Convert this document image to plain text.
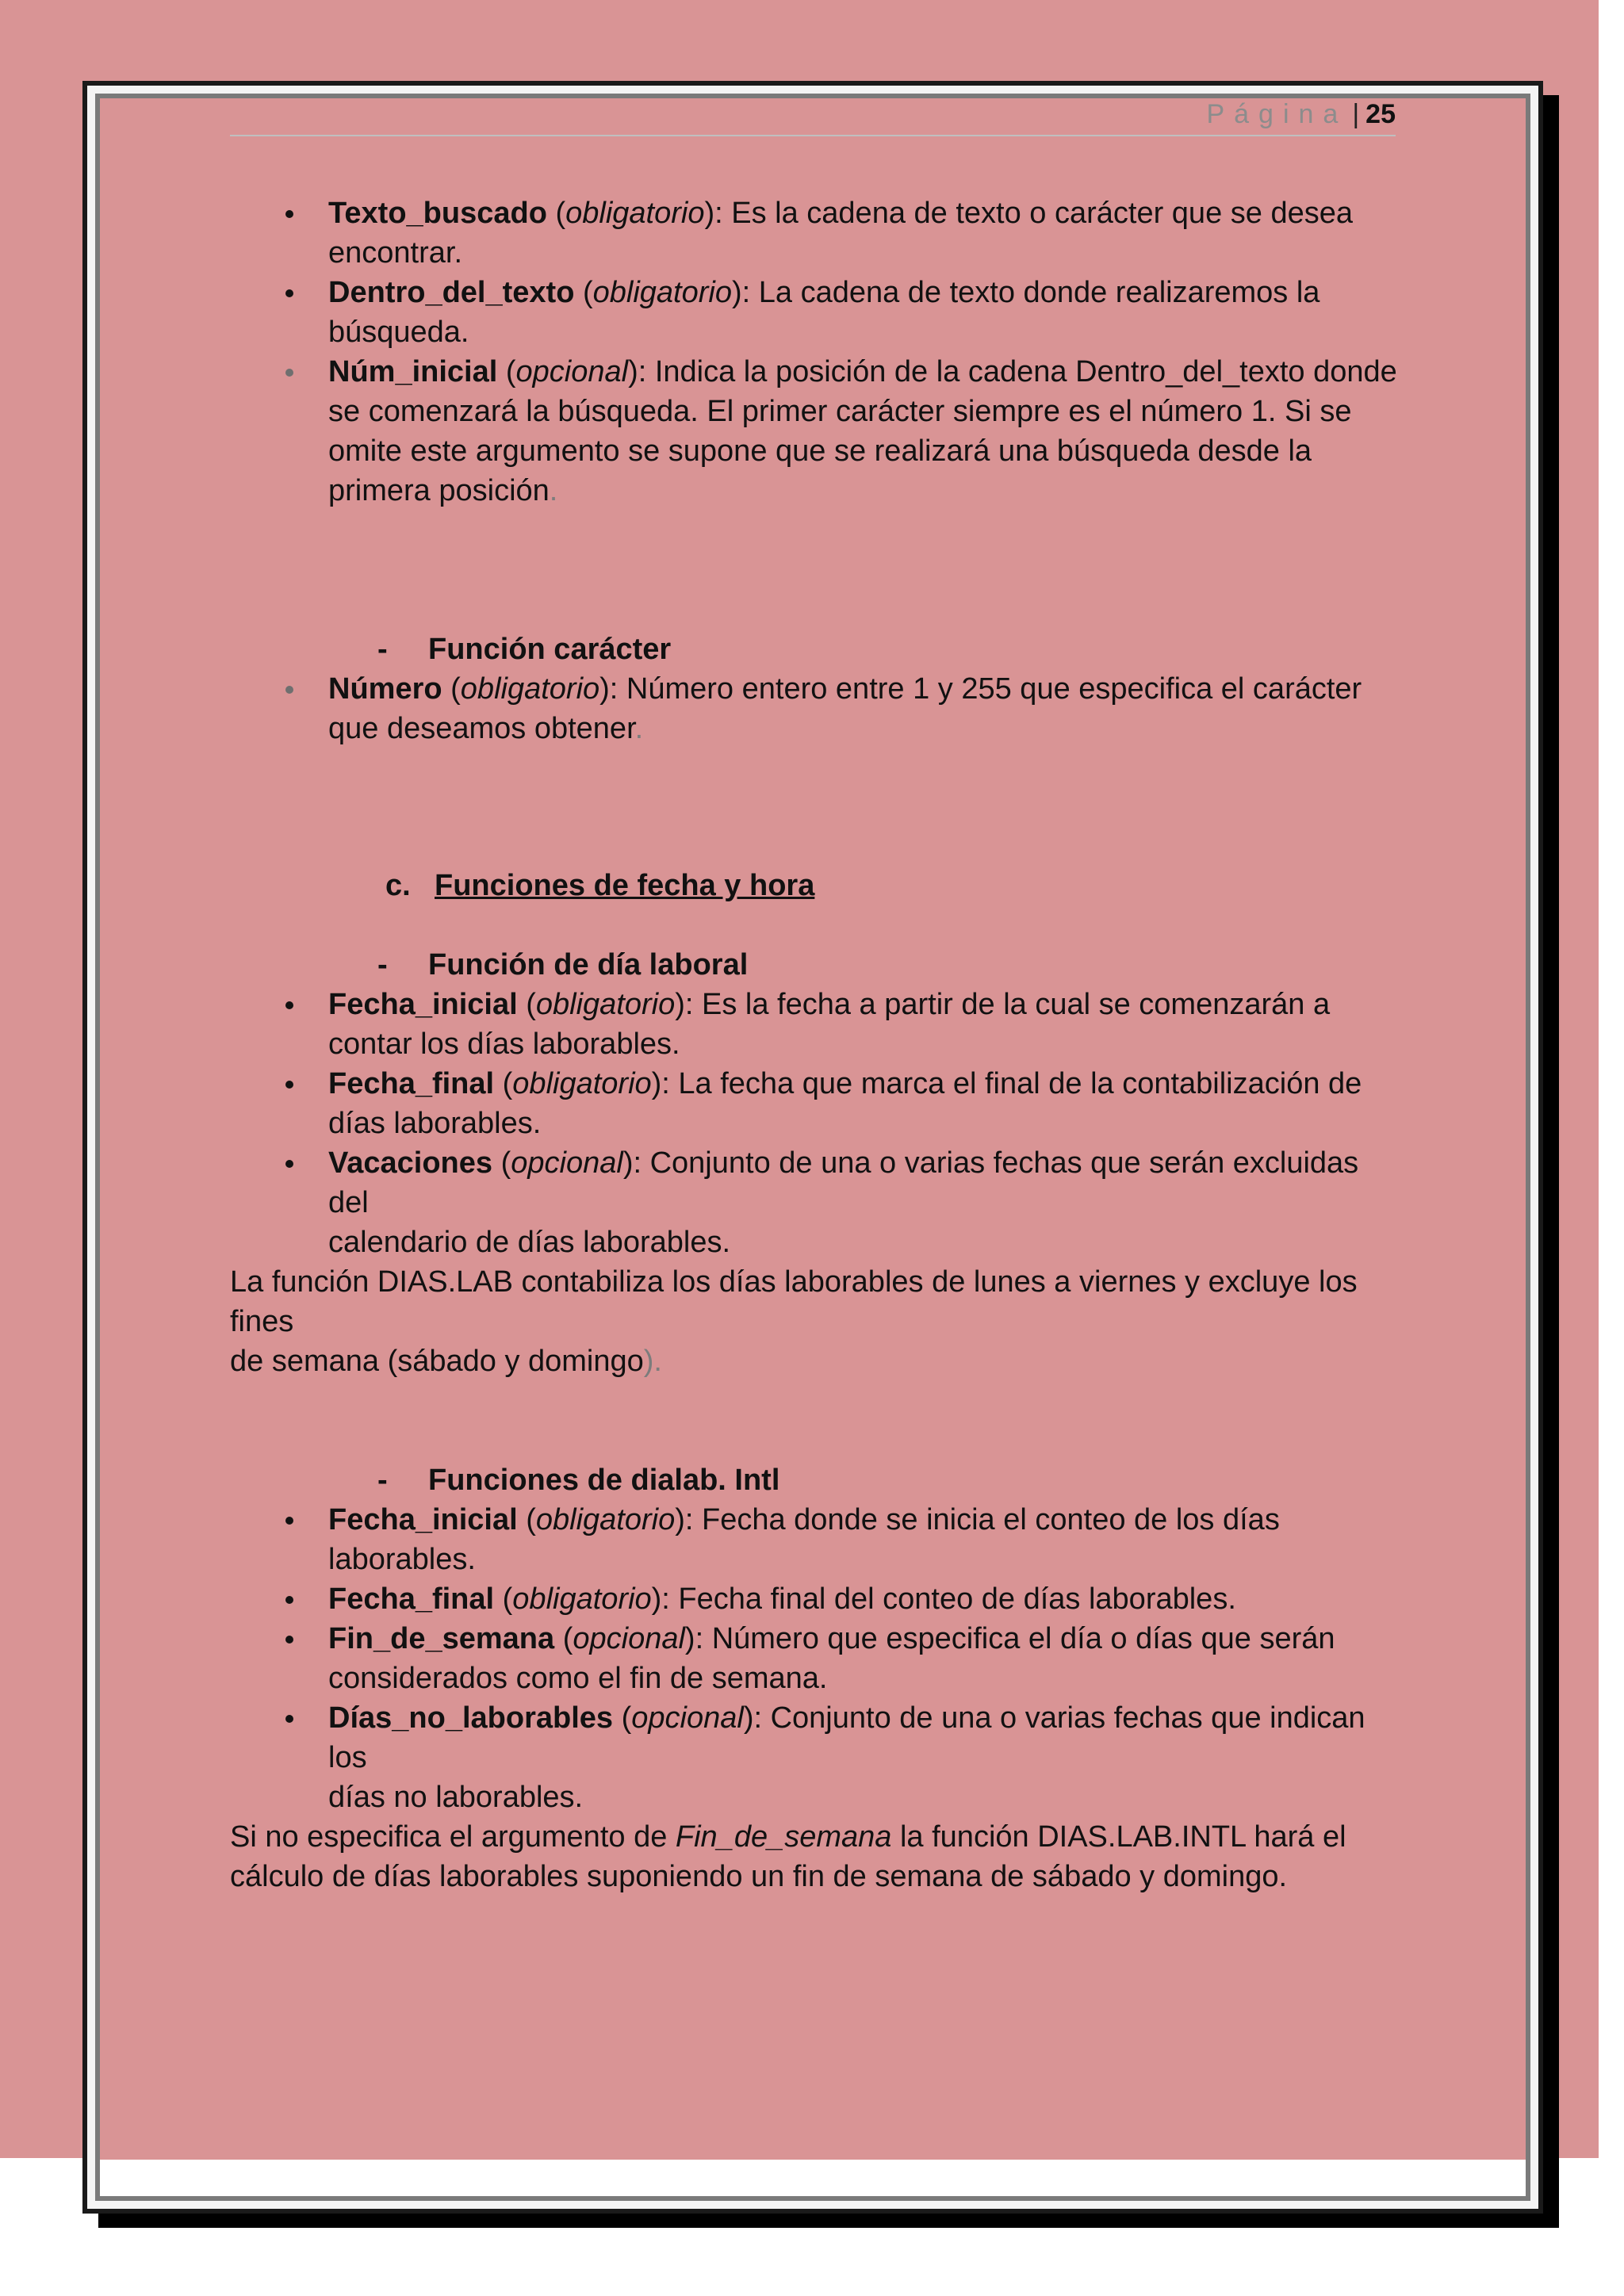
Página | 25
Texto_buscado (obligatorio): Es la cadena de texto o carácter que se desea
encontrar.
Dentro_del_texto (obligatorio): La cadena de texto donde realizaremos la
búsqueda.
Núm_inicial (opcional): Indica la posición de la cadena Dentro_del_texto donde
se comenzará la búsqueda. El primer carácter siempre es el número 1. Si se
omite este argumento se supone que se realizará una búsqueda desde la
primera posición.
- Función carácter
Número (obligatorio): Número entero entre 1 y 255 que especifica el carácter
que deseamos obtener.
c. Funciones de fecha y hora
- Función de día laboral
Fecha_inicial (obligatorio): Es la fecha a partir de la cual se comenzarán a
contar los días laborables.
Fecha_final (obligatorio): La fecha que marca el final de la contabilización de
días laborables.
Vacaciones (opcional): Conjunto de una o varias fechas que serán excluidas del
calendario de días laborables.

La función DIAS.LAB contabiliza los días laborables de lunes a viernes y excluye los fines
de semana (sábado y domingo).

- Funciones de dialab. Intl
Fecha_inicial (obligatorio): Fecha donde se inicia el conteo de los días
laborables.
Fecha_final (obligatorio): Fecha final del conteo de días laborables.
Fin_de_semana (opcional): Número que especifica el día o días que serán
considerados como el fin de semana.
Días_no_laborables (opcional): Conjunto de una o varias fechas que indican los
días no laborables.

Si no especifica el argumento de Fin_de_semana la función DIAS.LAB.INTL hará el
cálculo de días laborables suponiendo un fin de semana de sábado y domingo.
